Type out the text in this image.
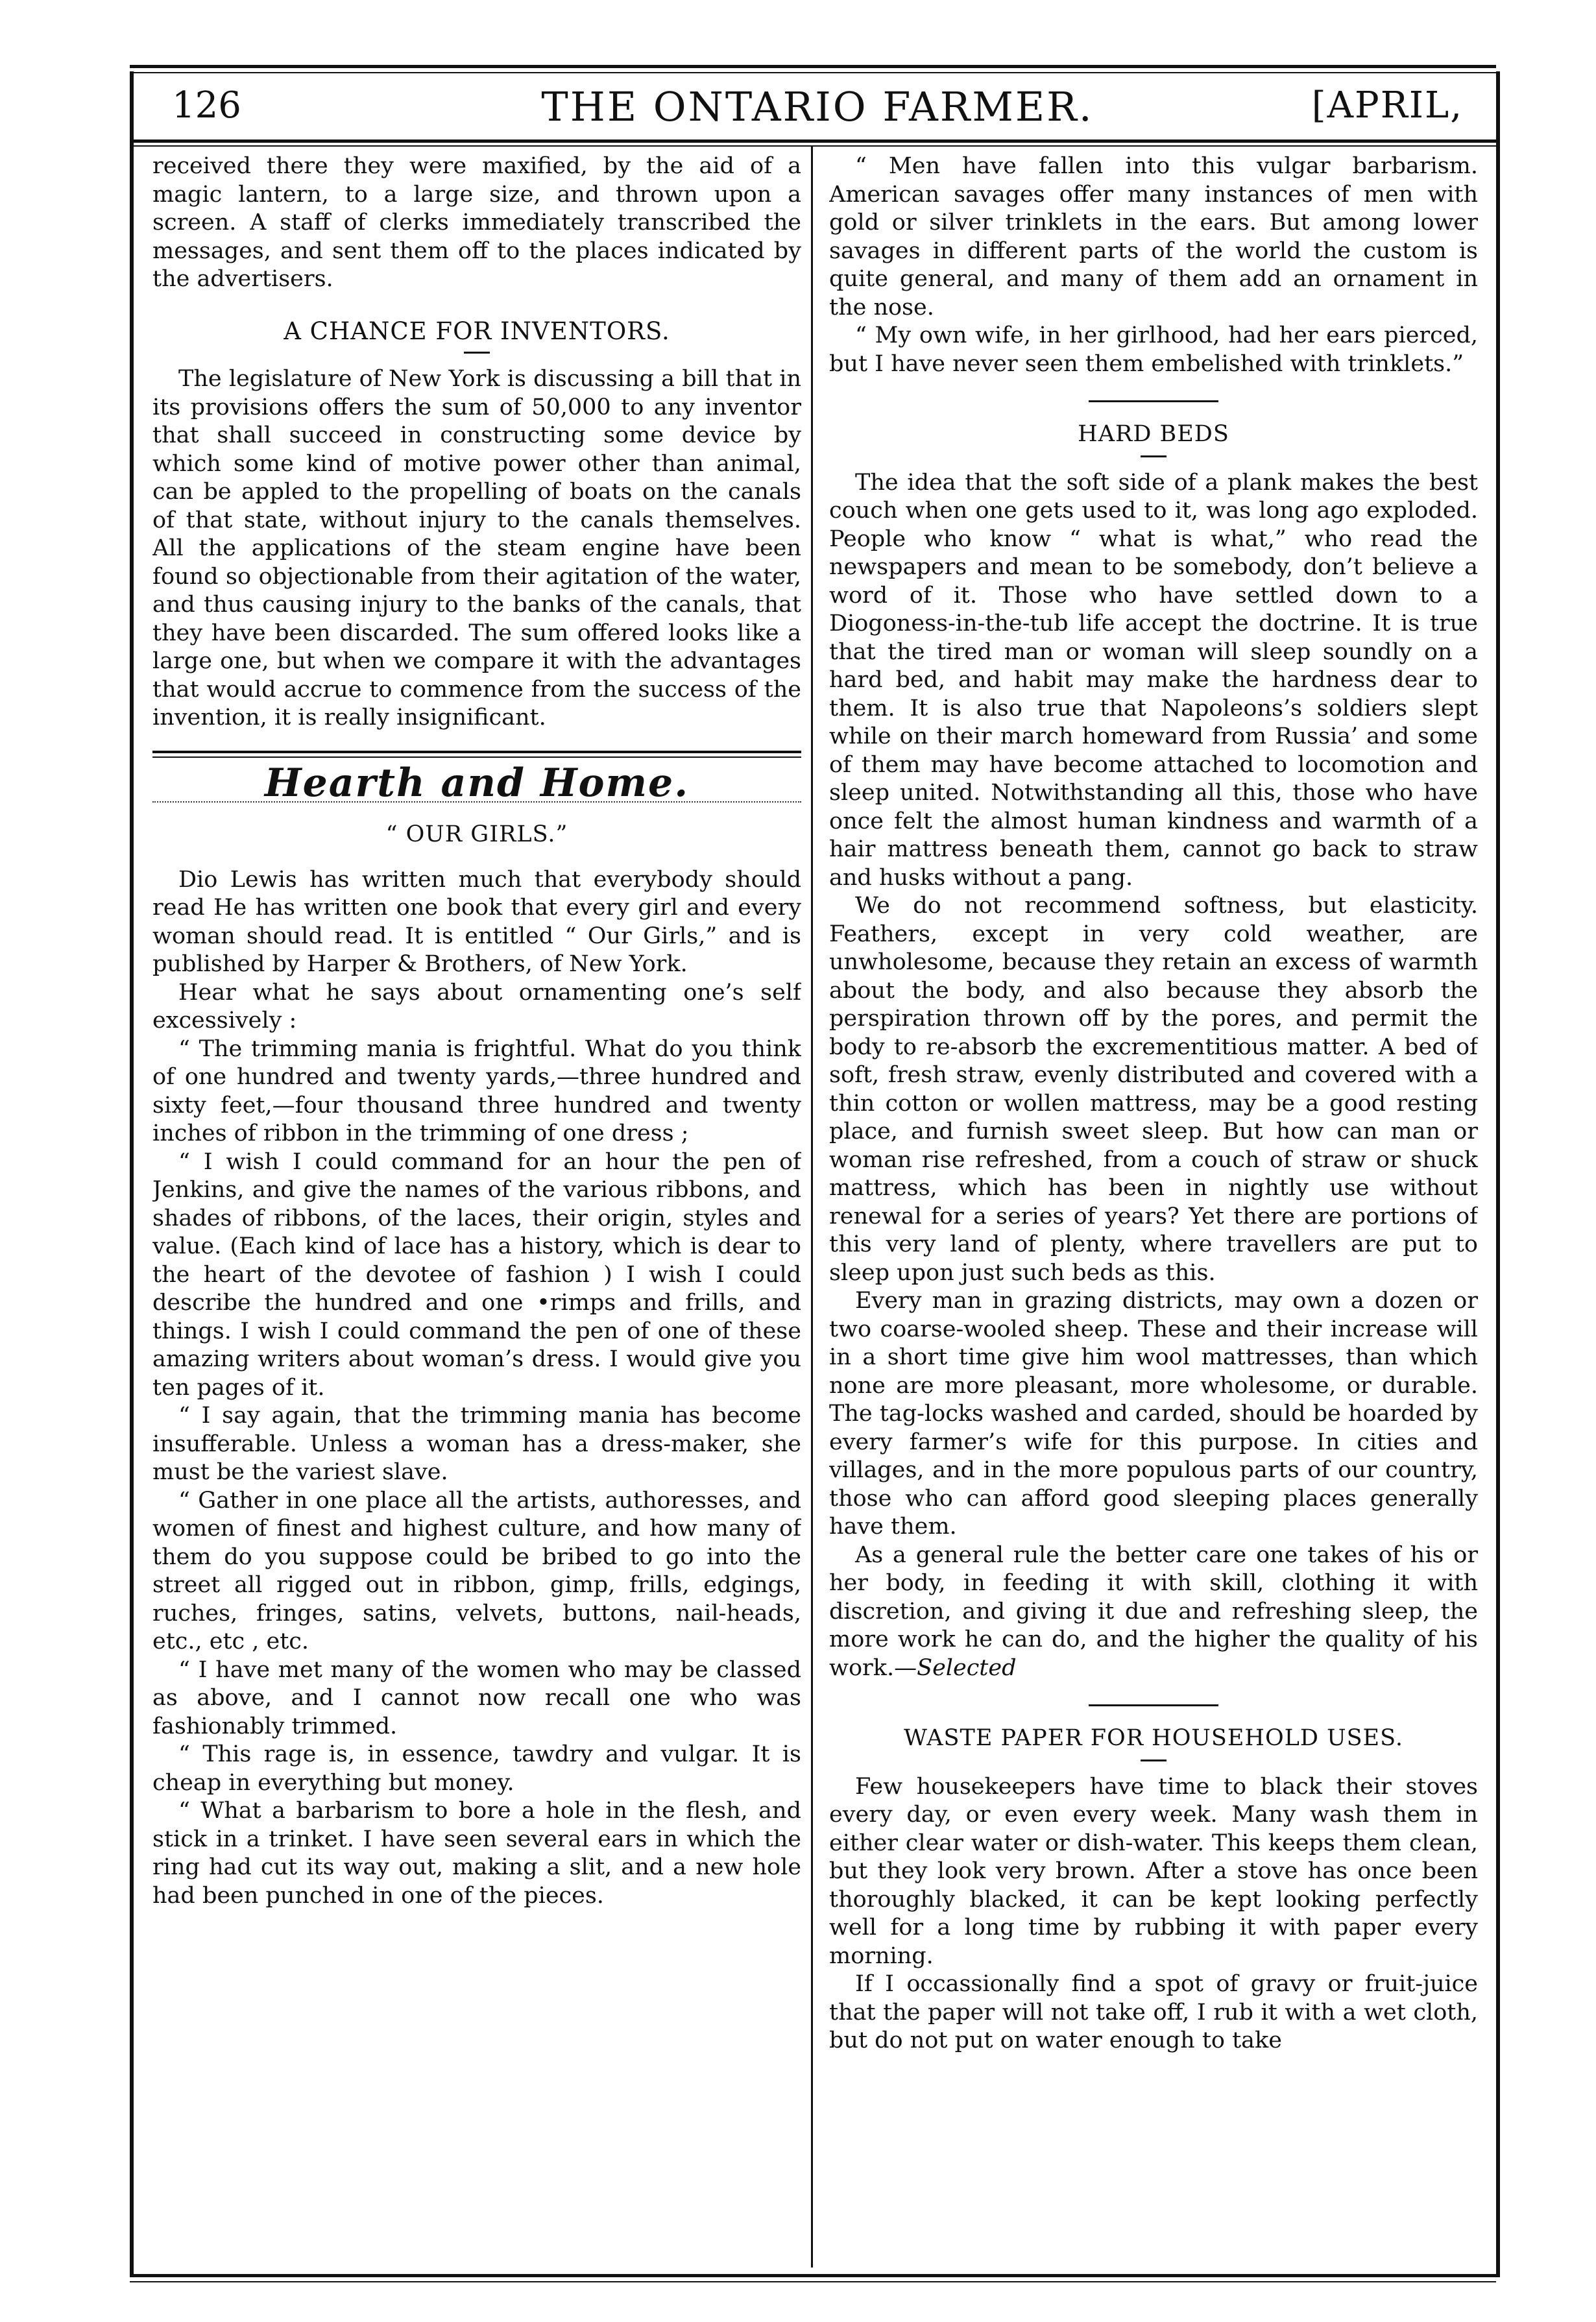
126	THE ONTARIO FARMER.	[APRIL,

received there they were maxified, by the aid of a magic lantern, to a large size, and thrown upon a screen. A staff of clerks immediately transcribed the messages, and sent them off to the places indicated by the advertisers.

A CHANCE FOR INVENTORS.

The legislature of New York is discussing a bill that in its provisions offers the sum of 50,000 to any inventor that shall succeed in constructing some device by which some kind of motive power other than animal, can be appled to the propelling of boats on the canals of that state, without injury to the canals themselves. All the applications of the steam engine have been found so objectionable from their agitation of the water, and thus causing injury to the banks of the canals, that they have been discarded. The sum offered looks like a large one, but when we compare it with the advantages that would accrue to commence from the success of the invention, it is really insignificant.

Hearth and Home.
“ OUR GIRLS.”

Dio Lewis has written much that everybody should read He has written one book that every girl and every woman should read. It is entitled “ Our Girls,” and is published by Harper & Brothers, of New York.

Hear what he says about ornamenting one’s self excessively :

“ The trimming mania is frightful. What do you think of one hundred and twenty yards,—three hundred and sixty feet,—four thousand three hundred and twenty inches of ribbon in the trimming of one dress ;

“ I wish I could command for an hour the pen of Jenkins, and give the names of the various ribbons, and shades of ribbons, of the laces, their origin, styles and value. (Each kind of lace has a history, which is dear to the heart of the devotee of fashion ) I wish I could describe the hundred and one •rimps and frills, and things. I wish I could command the pen of one of these amazing writers about woman’s dress. I would give you ten pages of it.

“ I say again, that the trimming mania has become insufferable. Unless a woman has a dress-maker, she must be the variest slave.

“ Gather in one place all the artists, authoresses, and women of finest and highest culture, and how many of them do you suppose could be bribed to go into the street all rigged out in ribbon, gimp, frills, edgings, ruches, fringes, satins, velvets, buttons, nail-heads, etc., etc , etc.

“ I have met many of the women who may be classed as above, and I cannot now recall one who was fashionably trimmed.

“ This rage is, in essence, tawdry and vulgar. It is cheap in everything but money.

“ What a barbarism to bore a hole in the flesh, and stick in a trinket. I have seen several ears in which the ring had cut its way out, making a slit, and a new hole had been punched in one of the pieces.

“ Men have fallen into this vulgar barbarism. American savages offer many instances of men with gold or silver trinklets in the ears. But among lower savages in different parts of the world the custom is quite general, and many of them add an ornament in the nose.

“ My own wife, in her girlhood, had her ears pierced, but I have never seen them embelished with trinklets.”

HARD BEDS

The idea that the soft side of a plank makes the best couch when one gets used to it, was long ago exploded. People who know “ what is what,” who read the newspapers and mean to be somebody, don’t believe a word of it. Those who have settled down to a Diogoness-in-the-tub life accept the doctrine. It is true that the tired man or woman will sleep soundly on a hard bed, and habit may make the hardness dear to them. It is also true that Napoleons’s soldiers slept while on their march homeward from Russia’ and some of them may have become attached to locomotion and sleep united. Notwithstanding all this, those who have once felt the almost human kindness and warmth of a hair mattress beneath them, cannot go back to straw and husks without a pang.

We do not recommend softness, but elasticity. Feathers, except in very cold weather, are unwholesome, because they retain an excess of warmth about the body, and also because they absorb the perspiration thrown off by the pores, and permit the body to re-absorb the excrementitious matter. A bed of soft, fresh straw, evenly distributed and covered with a thin cotton or wollen mattress, may be a good resting place, and furnish sweet sleep. But how can man or woman rise refreshed, from a couch of straw or shuck mattress, which has been in nightly use without renewal for a series of years? Yet there are portions of this very land of plenty, where travellers are put to sleep upon just such beds as this.

Every man in grazing districts, may own a dozen or two coarse-wooled sheep. These and their increase will in a short time give him wool mattresses, than which none are more pleasant, more wholesome, or durable. The tag-locks washed and carded, should be hoarded by every farmer’s wife for this purpose. In cities and villages, and in the more populous parts of our country, those who can afford good sleeping places generally have them.

As a general rule the better care one takes of his or her body, in feeding it with skill, clothing it with discretion, and giving it due and refreshing sleep, the more work he can do, and the higher the quality of his work.—Selected

WASTE PAPER FOR HOUSEHOLD USES.

Few housekeepers have time to black their stoves every day, or even every week. Many wash them in either clear water or dish-water. This keeps them clean, but they look very brown. After a stove has once been thoroughly blacked, it can be kept looking perfectly well for a long time by rubbing it with paper every morning.

If I occassionally find a spot of gravy or fruit-juice that the paper will not take off, I rub it with a wet cloth, but do not put on water enough to take
